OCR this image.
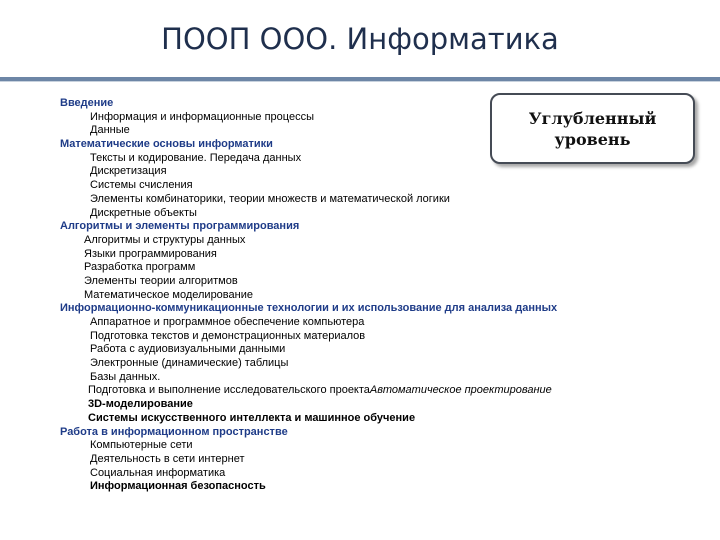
ПООП ООО. Информатика
Введение
Информация и информационные процессы
Данные
Математические основы информатики
Тексты и кодирование. Передача данных
Дискретизация
Системы счисления
Элементы комбинаторики, теории множеств и математической логики
Дискретные объекты
Алгоритмы и элементы программирования
Алгоритмы и структуры данных
Языки программирования
Разработка программ
Элементы теории алгоритмов
Математическое моделирование
Информационно-коммуникационные технологии и их использование для анализа данных
Аппаратное и программное обеспечение компьютера
Подготовка текстов и демонстрационных материалов
Работа с аудиовизуальными данными
Электронные (динамические) таблицы
Базы данных.
Подготовка и выполнение исследовательского проектаАвтоматическое проектирование
3D-моделирование
Системы искусственного интеллекта и машинное обучение
Работа в информационном пространстве
Компьютерные сети
Деятельность в сети интернет
Социальная информатика
Информационная безопасность
Углубленный
уровень
